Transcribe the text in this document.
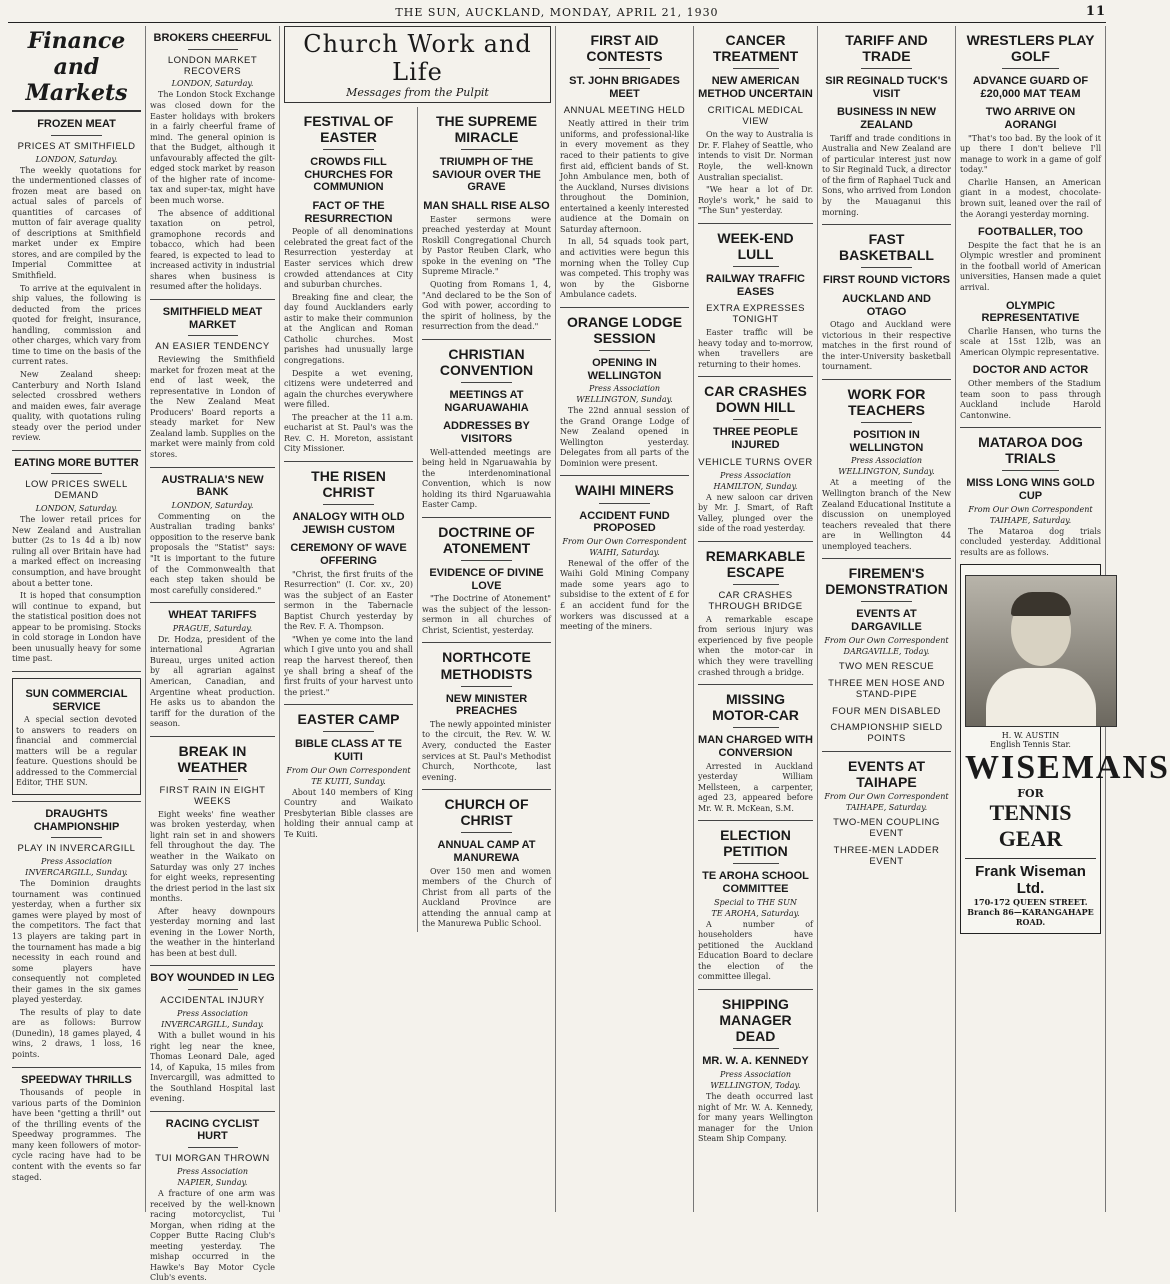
THE SUN, AUCKLAND, MONDAY, APRIL 21, 1930	11
Finance and Markets
FROZEN MEAT
PRICES AT SMITHFIELD
LONDON, Saturday.

The weekly quotations for the undermentioned classes of frozen meat are based on actual sales of parcels of quantities of carcases of mutton of fair average quality of descriptions at Smithfield market under ex Empire stores, and are compiled by the Imperial Committee at Smithfield.

To arrive at the equivalent in ship values, the following is deducted from the prices quoted for freight, insurance, handling, commission and other charges, which vary from time to time on the basis of the current rates.

New Zealand sheep: Canterbury and North Island selected crossbred wethers and maiden ewes, fair average quality, with quotations ruling steady over the period under review.

EATING MORE BUTTER
LOW PRICES SWELL DEMAND
LONDON, Saturday.

The lower retail prices for New Zealand and Australian butter (2s to 1s 4d a lb) now ruling all over Britain have had a marked effect on increasing consumption, and have brought about a better tone.

It is hoped that consumption will continue to expand, but the statistical position does not appear to be promising. Stocks in cold storage in London have been unusually heavy for some time past.

SUN COMMERCIAL SERVICE

A special section devoted to answers to readers on financial and commercial matters will be a regular feature. Questions should be addressed to the Commercial Editor, THE SUN.

DRAUGHTS CHAMPIONSHIP
PLAY IN INVERCARGILL
Press Association
INVERCARGILL, Sunday.

The Dominion draughts tournament was continued yesterday, when a further six games were played by most of the competitors. The fact that 13 players are taking part in the tournament has made a big necessity in each round and some players have consequently not completed their games in the six games played yesterday.

The results of play to date are as follows: Burrow (Dunedin), 18 games played, 4 wins, 2 draws, 1 loss, 16 points.

SPEEDWAY THRILLS

Thousands of people in various parts of the Dominion have been "getting a thrill" out of the thrilling events of the Speedway programmes. The many keen followers of motor-cycle racing have had to be content with the events so far staged.

BROKERS CHEERFUL
LONDON MARKET RECOVERS
LONDON, Saturday.

The London Stock Exchange was closed down for the Easter holidays with brokers in a fairly cheerful frame of mind. The general opinion is that the Budget, although it unfavourably affected the gilt-edged stock market by reason of the higher rate of income-tax and super-tax, might have been much worse.

The absence of additional taxation on petrol, gramophone records and tobacco, which had been feared, is expected to lead to increased activity in industrial shares when business is resumed after the holidays.

SMITHFIELD MEAT MARKET
AN EASIER TENDENCY

Reviewing the Smithfield market for frozen meat at the end of last week, the representative in London of the New Zealand Meat Producers' Board reports a steady market for New Zealand lamb. Supplies on the market were mainly from cold stores.

AUSTRALIA'S NEW BANK
LONDON, Saturday.

Commenting on the Australian trading banks' opposition to the reserve bank proposals the "Statist" says: "It is important to the future of the Commonwealth that each step taken should be most carefully considered."

WHEAT TARIFFS
PRAGUE, Saturday.

Dr. Hodza, president of the international Agrarian Bureau, urges united action by all agrarian against American, Canadian, and Argentine wheat production. He asks us to abandon the tariff for the duration of the season.

BREAK IN WEATHER
FIRST RAIN IN EIGHT WEEKS

Eight weeks' fine weather was broken yesterday, when light rain set in and showers fell throughout the day. The weather in the Waikato on Saturday was only 27 inches for eight weeks, representing the driest period in the last six months.

After heavy downpours yesterday morning and last evening in the Lower North, the weather in the hinterland has been at best dull.

BOY WOUNDED IN LEG
ACCIDENTAL INJURY
Press Association
INVERCARGILL, Sunday.

With a bullet wound in his right leg near the knee, Thomas Leonard Dale, aged 14, of Kapuka, 15 miles from Invercargill, was admitted to the Southland Hospital last evening.

RACING CYCLIST HURT
TUI MORGAN THROWN
Press Association
NAPIER, Sunday.

A fracture of one arm was received by the well-known racing motorcyclist, Tui Morgan, when riding at the Copper Butte Racing Club's meeting yesterday. The mishap occurred in the Hawke's Bay Motor Cycle Club's events.

Church Work and Life
Messages from the Pulpit
FESTIVAL OF EASTER
CROWDS FILL CHURCHES FOR COMMUNION
FACT OF THE RESURRECTION

People of all denominations celebrated the great fact of the Resurrection yesterday at Easter services which drew crowded attendances at City and suburban churches.

Breaking fine and clear, the day found Aucklanders early astir to make their communion at the Anglican and Roman Catholic churches. Most parishes had unusually large congregations.

Despite a wet evening, citizens were undeterred and again the churches everywhere were filled.

The preacher at the 11 a.m. eucharist at St. Paul's was the Rev. C. H. Moreton, assistant City Missioner.

THE RISEN CHRIST
ANALOGY WITH OLD JEWISH CUSTOM
CEREMONY OF WAVE OFFERING

"Christ, the first fruits of the Resurrection" (I. Cor. xv., 20) was the subject of an Easter sermon in the Tabernacle Baptist Church yesterday by the Rev. F. A. Thompson.

"When ye come into the land which I give unto you and shall reap the harvest thereof, then ye shall bring a sheaf of the first fruits of your harvest unto the priest."

EASTER CAMP
BIBLE CLASS AT TE KUITI
From Our Own Correspondent
TE KUITI, Sunday.

About 140 members of King Country and Waikato Presbyterian Bible classes are holding their annual camp at Te Kuiti.

THE SUPREME MIRACLE
TRIUMPH OF THE SAVIOUR OVER THE GRAVE
MAN SHALL RISE ALSO

Easter sermons were preached yesterday at Mount Roskill Congregational Church by Pastor Reuben Clark, who spoke in the evening on "The Supreme Miracle."

Quoting from Romans 1, 4, "And declared to be the Son of God with power, according to the spirit of holiness, by the resurrection from the dead."

CHRISTIAN CONVENTION
MEETINGS AT NGARUAWAHIA
ADDRESSES BY VISITORS

Well-attended meetings are being held in Ngaruawahia by the interdenominational Convention, which is now holding its third Ngaruawahia Easter Camp.

DOCTRINE OF ATONEMENT
EVIDENCE OF DIVINE LOVE

"The Doctrine of Atonement" was the subject of the lesson-sermon in all churches of Christ, Scientist, yesterday.

NORTHCOTE METHODISTS
NEW MINISTER PREACHES

The newly appointed minister to the circuit, the Rev. W. W. Avery, conducted the Easter services at St. Paul's Methodist Church, Northcote, last evening.

CHURCH OF CHRIST
ANNUAL CAMP AT MANUREWA

Over 150 men and women members of the Church of Christ from all parts of the Auckland Province are attending the annual camp at the Manurewa Public School.

FIRST AID CONTESTS
ST. JOHN BRIGADES MEET
ANNUAL MEETING HELD

Neatly attired in their trim uniforms, and professional-like in every movement as they raced to their patients to give first aid, efficient bands of St. John Ambulance men, both of the Auckland, Nurses divisions throughout the Dominion, entertained a keenly interested audience at the Domain on Saturday afternoon.

In all, 54 squads took part, and activities were begun this morning when the Tolley Cup was competed. This trophy was won by the Gisborne Ambulance cadets.

ORANGE LODGE SESSION
OPENING IN WELLINGTON
Press Association
WELLINGTON, Sunday.

The 22nd annual session of the Grand Orange Lodge of New Zealand opened in Wellington yesterday. Delegates from all parts of the Dominion were present.

WAIHI MINERS
ACCIDENT FUND PROPOSED
From Our Own Correspondent
WAIHI, Saturday.

Renewal of the offer of the Waihi Gold Mining Company made some years ago to subsidise to the extent of £ for £ an accident fund for the workers was discussed at a meeting of the miners.

CANCER TREATMENT
NEW AMERICAN METHOD UNCERTAIN
CRITICAL MEDICAL VIEW

On the way to Australia is Dr. F. Flahey of Seattle, who intends to visit Dr. Norman Royle, the well-known Australian specialist.

"We hear a lot of Dr. Royle's work," he said to "The Sun" yesterday.

WEEK-END LULL
RAILWAY TRAFFIC EASES
EXTRA EXPRESSES TONIGHT

Easter traffic will be heavy today and to-morrow, when travellers are returning to their homes.

CAR CRASHES DOWN HILL
THREE PEOPLE INJURED
VEHICLE TURNS OVER
Press Association
HAMILTON, Sunday.

A new saloon car driven by Mr. J. Smart, of Raft Valley, plunged over the side of the road yesterday.

REMARKABLE ESCAPE
CAR CRASHES THROUGH BRIDGE

A remarkable escape from serious injury was experienced by five people when the motor-car in which they were travelling crashed through a bridge.

MISSING MOTOR-CAR
MAN CHARGED WITH CONVERSION

Arrested in Auckland yesterday William Mellsteen, a carpenter, aged 23, appeared before Mr. W. R. McKean, S.M.

ELECTION PETITION
TE AROHA SCHOOL COMMITTEE
Special to THE SUN
TE AROHA, Saturday.

A number of householders have petitioned the Auckland Education Board to declare the election of the committee illegal.

SHIPPING MANAGER DEAD
MR. W. A. KENNEDY
Press Association
WELLINGTON, Today.

The death occurred last night of Mr. W. A. Kennedy, for many years Wellington manager for the Union Steam Ship Company.

TARIFF AND TRADE
SIR REGINALD TUCK'S VISIT
BUSINESS IN NEW ZEALAND

Tariff and trade conditions in Australia and New Zealand are of particular interest just now to Sir Reginald Tuck, a director of the firm of Raphael Tuck and Sons, who arrived from London by the Mauaganui this morning.

FAST BASKETBALL
FIRST ROUND VICTORS
AUCKLAND AND OTAGO

Otago and Auckland were victorious in their respective matches in the first round of the inter-University basketball tournament.

WORK FOR TEACHERS
POSITION IN WELLINGTON
Press Association
WELLINGTON, Sunday.

At a meeting of the Wellington branch of the New Zealand Educational Institute a discussion on unemployed teachers revealed that there are in Wellington 44 unemployed teachers.

FIREMEN'S DEMONSTRATION
EVENTS AT DARGAVILLE
From Our Own Correspondent
DARGAVILLE, Today.
TWO MEN RESCUE
THREE MEN HOSE AND STAND-PIPE
FOUR MEN DISABLED
CHAMPIONSHIP SIELD POINTS
EVENTS AT TAIHAPE
From Our Own Correspondent
TAIHAPE, Saturday.
TWO-MEN COUPLING EVENT
THREE-MEN LADDER EVENT
WRESTLERS PLAY GOLF
ADVANCE GUARD OF £20,000 MAT TEAM
TWO ARRIVE ON AORANGI

"That's too bad. By the look of it up there I don't believe I'll manage to work in a game of golf today."

Charlie Hansen, an American giant in a modest, chocolate-brown suit, leaned over the rail of the Aorangi yesterday morning.

FOOTBALLER, TOO

Despite the fact that he is an Olympic wrestler and prominent in the football world of American universities, Hansen made a quiet arrival.

OLYMPIC REPRESENTATIVE

Charlie Hansen, who turns the scale at 15st 12lb, was an American Olympic representative.

DOCTOR AND ACTOR

Other members of the Stadium team soon to pass through Auckland include Harold Cantonwine.

MATAROA DOG TRIALS
MISS LONG WINS GOLD CUP
From Our Own Correspondent
TAIHAPE, Saturday.

The Mataroa dog trials concluded yesterday. Additional results are as follows.

H. W. AUSTIN
English Tennis Star.
WISEMANS
FOR
TENNIS GEAR
Frank Wiseman Ltd.
170-172 QUEEN STREET.
Branch 86—KARANGAHAPE ROAD.
